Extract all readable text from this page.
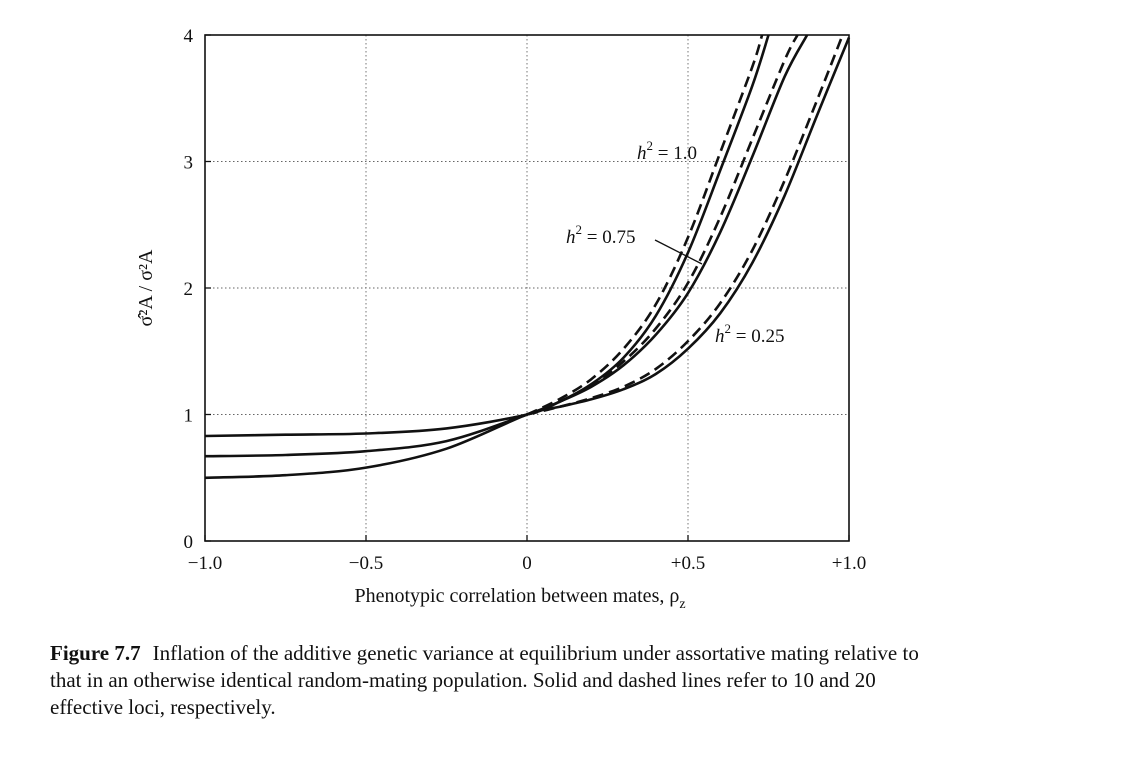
−1.0	−0.5	0	+0.5	+1.0
0
1
2
3
4
$h^2 = 1.0$
$h^2 = 0.75$
$h^2 = 0.25$
Phenotypic correlation between mates, $\rho_z$
σ̂²A / σ²A
Figure 7.7 Inflation of the additive genetic variance at equilibrium under assortative mating relative to that in an otherwise identical random-mating population. Solid and dashed lines refer to 10 and 20 effective loci, respectively.
